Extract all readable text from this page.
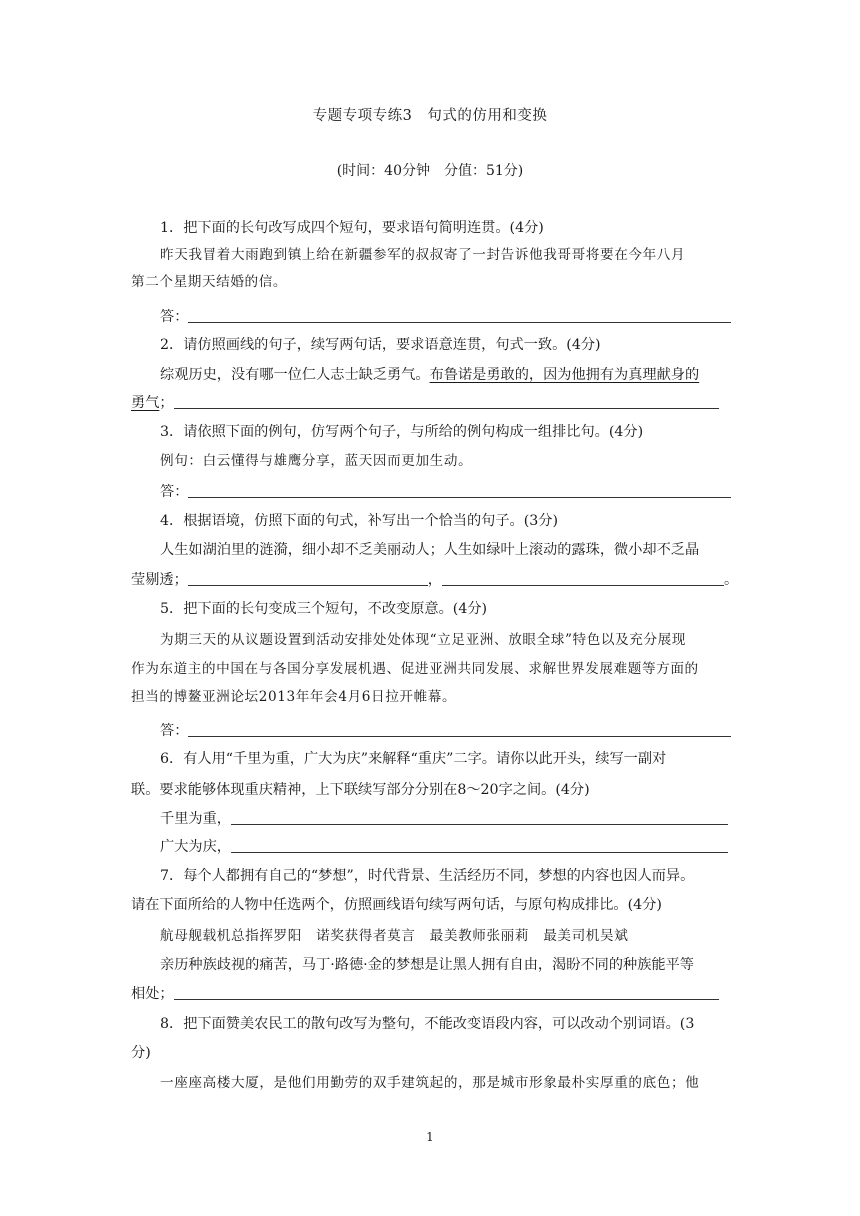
专题专项专练3　句式的仿用和变换
(时间：40分钟　分值：51分)
1．把下面的长句改写成四个短句，要求语句简明连贯。(4分)
昨天我冒着大雨跑到镇上给在新疆参军的叔叔寄了一封告诉他我哥哥将要在今年八月
第二个星期天结婚的信。
答：
2．请仿照画线的句子，续写两句话，要求语意连贯，句式一致。(4分)
综观历史，没有哪一位仁人志士缺乏勇气。布鲁诺是勇敢的，因为他拥有为真理献身的
勇气；
3．请依照下面的例句，仿写两个句子，与所给的例句构成一组排比句。(4分)
例句：白云懂得与雄鹰分享，蓝天因而更加生动。
答：
4．根据语境，仿照下面的句式，补写出一个恰当的句子。(3分)
人生如湖泊里的涟漪，细小却不乏美丽动人；人生如绿叶上滚动的露珠，微小却不乏晶
莹剔透；	，	。
5．把下面的长句变成三个短句，不改变原意。(4分)
为期三天的从议题设置到活动安排处处体现“立足亚洲、放眼全球”特色以及充分展现
作为东道主的中国在与各国分享发展机遇、促进亚洲共同发展、求解世界发展难题等方面的
担当的博鳌亚洲论坛2013年年会4月6日拉开帷幕。
答：
6．有人用“千里为重，广大为庆”来解释“重庆”二字。请你以此开头，续写一副对
联。要求能够体现重庆精神，上下联续写部分分别在8～20字之间。(4分)
千里为重，
广大为庆，
7．每个人都拥有自己的“梦想”，时代背景、生活经历不同，梦想的内容也因人而异。
请在下面所给的人物中任选两个，仿照画线语句续写两句话，与原句构成排比。(4分)
航母舰载机总指挥罗阳　诺奖获得者莫言　最美教师张丽莉　最美司机吴斌
亲历种族歧视的痛苦，马丁·路德·金的梦想是让黑人拥有自由，渴盼不同的种族能平等
相处；
8．把下面赞美农民工的散句改写为整句，不能改变语段内容，可以改动个别词语。(3
分)
一座座高楼大厦，是他们用勤劳的双手建筑起的，那是城市形象最朴实厚重的底色；他
1
